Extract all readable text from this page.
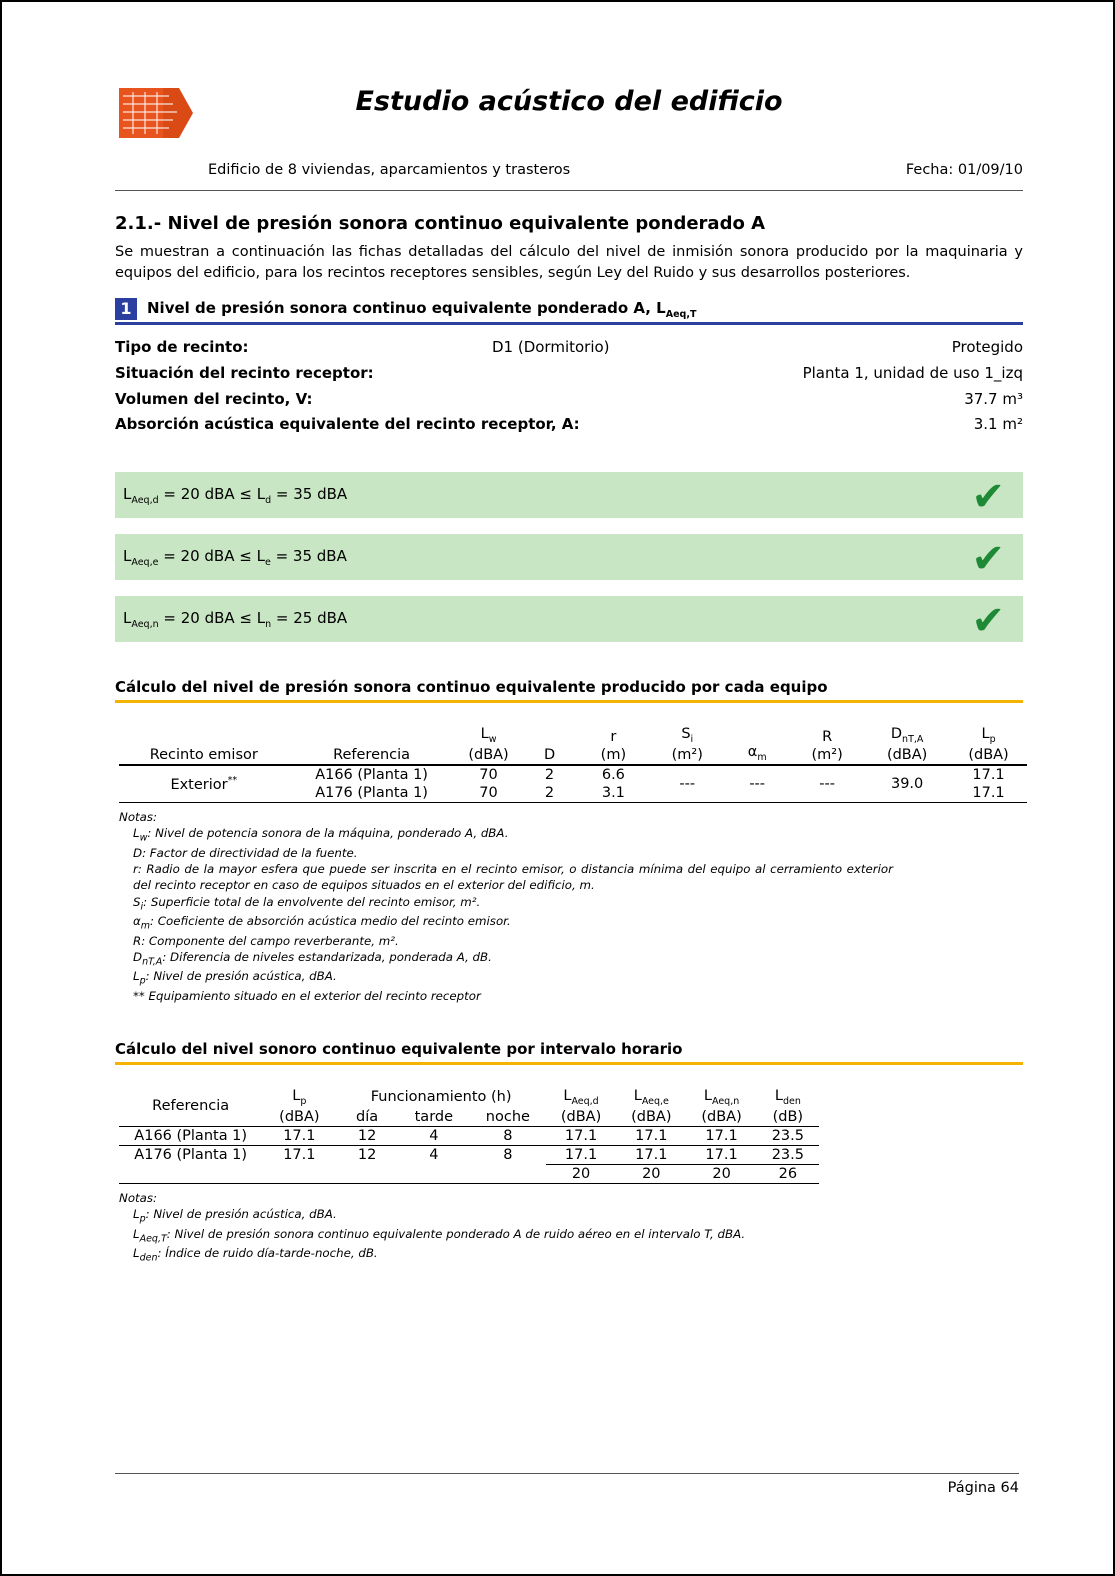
Estudio acústico del edificio
Edificio de 8 viviendas, aparcamientos y trasteros	Fecha: 01/09/10
2.1.- Nivel de presión sonora continuo equivalente ponderado A

Se muestran a continuación las fichas detalladas del cálculo del nivel de inmisión sonora producido por la maquinaria y equipos del edificio, para los recintos receptores sensibles, según Ley del Ruido y sus desarrollos posteriores.

1	Nivel de presión sonora continuo equivalente ponderado A, $L_{Aeq,T}$
Tipo de recinto:	D1 (Dormitorio)	Protegido
Situación del recinto receptor:	Planta 1, unidad de uso 1_izq
Volumen del recinto, V:	37.7 m³
Absorción acústica equivalente del recinto receptor, A:	3.1 m²
$L_{Aeq,d} = 20$ dBA ≤ $L_d = 35$ dBA	✔
$L_{Aeq,e} = 20$ dBA ≤ $L_e = 35$ dBA	✔
$L_{Aeq,n} = 20$ dBA ≤ $L_n = 25$ dBA	✔
Cálculo del nivel de presión sonora continuo equivalente producido por cada equipo
Recinto emisor	Referencia	$L_w$	D	r	$S_i$	$\alpha_m$	R	$D_{nT,A}$	$L_p$
		(dBA)		(m)	(m²)		(m²)	(dBA)	(dBA)
Exterior**	A166 (Planta 1)	70	2	6.6	---	---	---	39.0	17.1
	A176 (Planta 1)	70	2	3.1					17.1

Notas:

$L_w$: Nivel de potencia sonora de la máquina, ponderado A, dBA.

D: Factor de directividad de la fuente.

r: Radio de la mayor esfera que puede ser inscrita en el recinto emisor, o distancia mínima del equipo al cerramiento exterior del recinto receptor en caso de equipos situados en el exterior del edificio, m.

$S_i$: Superficie total de la envolvente del recinto emisor, m².

$\alpha_m$: Coeficiente de absorción acústica medio del recinto emisor.

R: Componente del campo reverberante, m².

$D_{nT,A}$: Diferencia de niveles estandarizada, ponderada A, dB.

$L_p$: Nivel de presión acústica, dBA.

** Equipamiento situado en el exterior del recinto receptor

Cálculo del nivel sonoro continuo equivalente por intervalo horario
Referencia	$L_p$	Funcionamiento (h)			$L_{Aeq,d}$	$L_{Aeq,e}$	$L_{Aeq,n}$	$L_{den}$
	(dBA)	día	tarde	noche	(dBA)	(dBA)	(dBA)	(dB)
A166 (Planta 1)	17.1	12	4	8	17.1	17.1	17.1	23.5
A176 (Planta 1)	17.1	12	4	8	17.1	17.1	17.1	23.5
					20	20	20	26

Notas:

$L_p$: Nivel de presión acústica, dBA.

$L_{Aeq,T}$: Nivel de presión sonora continuo equivalente ponderado A de ruido aéreo en el intervalo T, dBA.

$L_{den}$: Índice de ruido día-tarde-noche, dB.

Página 64
